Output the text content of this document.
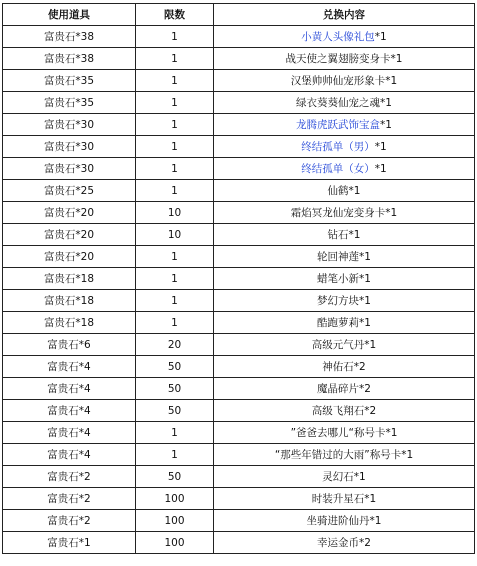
使用道具	限数	兑换内容
富贵石*38	1	小黄人头像礼包*1
富贵石*38	1	战天使之翼翅膀变身卡*1
富贵石*35	1	汉堡帅帅仙宠形象卡*1
富贵石*35	1	绿衣葵葵仙宠之魂*1
富贵石*30	1	龙腾虎跃武饰宝盒*1
富贵石*30	1	终结孤单（男）*1
富贵石*30	1	终结孤单（女）*1
富贵石*25	1	仙鹤*1
富贵石*20	10	霜焰冥龙仙宠变身卡*1
富贵石*20	10	钻石*1
富贵石*20	1	轮回神莲*1
富贵石*18	1	蜡笔小新*1
富贵石*18	1	梦幻方块*1
富贵石*18	1	酷跑萝莉*1
富贵石*6	20	高级元气丹*1
富贵石*4	50	神佑石*2
富贵石*4	50	魔晶碎片*2
富贵石*4	50	高级飞翔石*2
富贵石*4	1	”爸爸去哪儿“称号卡*1
富贵石*4	1	“那些年错过的大雨”称号卡*1
富贵石*2	50	灵幻石*1
富贵石*2	100	时装升星石*1
富贵石*2	100	坐骑进阶仙丹*1
富贵石*1	100	幸运金币*2
